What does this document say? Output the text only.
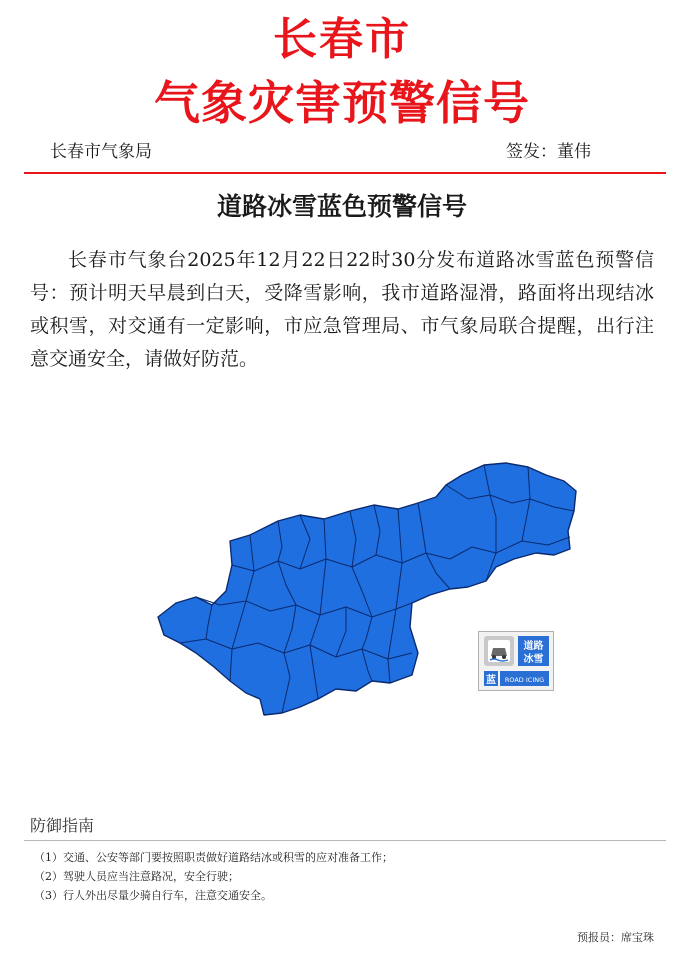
长春市
气象灾害预警信号
长春市气象局	签发：董伟
道路冰雪蓝色预警信号

长春市气象台2025年12月22日22时30分发布道路冰雪蓝色预警信号：预计明天早晨到白天，受降雪影响，我市道路湿滑，路面将出现结冰或积雪，对交通有一定影响，市应急管理局、市气象局联合提醒，出行注意交通安全，请做好防范。

道路
冰雪
蓝 ROAD ICING
防御指南
（1）交通、公安等部门要按照职责做好道路结冰或积雪的应对准备工作；
（2）驾驶人员应当注意路况，安全行驶；
（3）行人外出尽量少骑自行车，注意交通安全。
预报员：席宝珠
